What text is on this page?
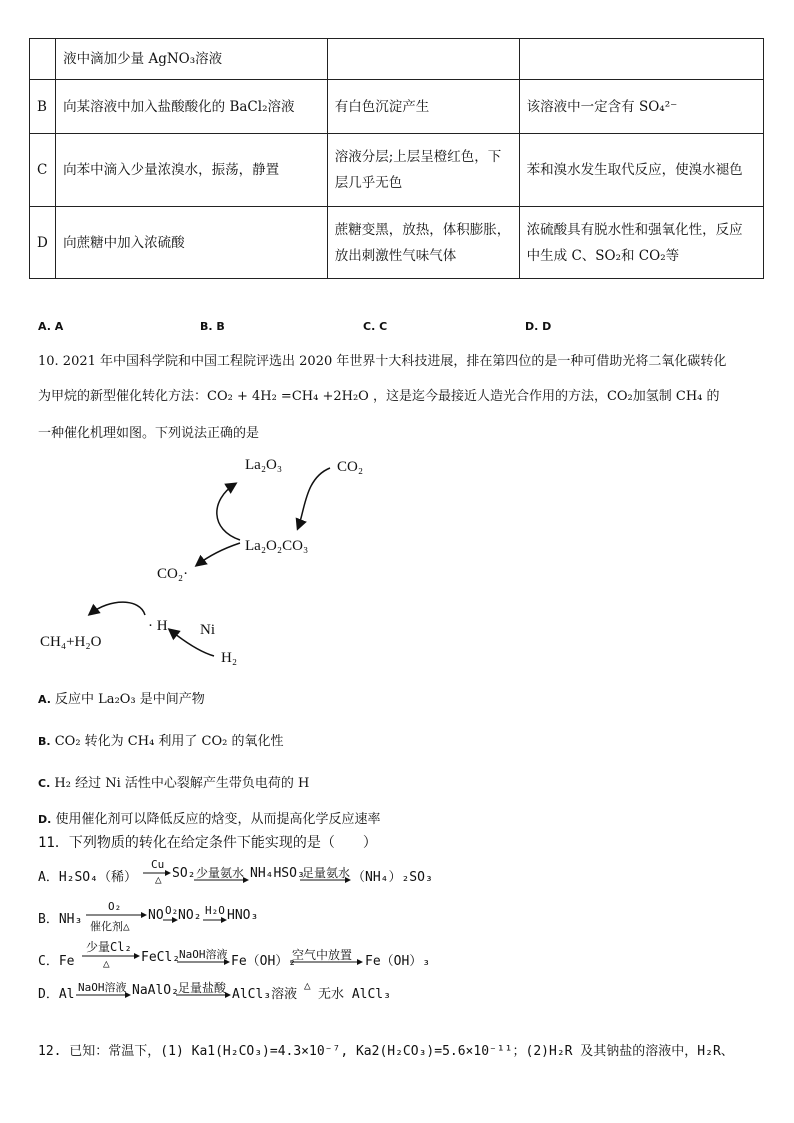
	液中滴加少量 AgNO₃溶液		
B	向某溶液中加入盐酸酸化的 BaCl₂溶液	有白色沉淀产生	该溶液中一定含有 SO₄²⁻
C	向苯中滴入少量浓溴水，振荡，静置	溶液分层;上层呈橙红色，下层几乎无色	苯和溴水发生取代反应，使溴水褪色
D	向蔗糖中加入浓硫酸	蔗糖变黑，放热，体积膨胀，放出刺激性气味气体	浓硫酸具有脱水性和强氧化性，反应中生成 C、SO₂和 CO₂等
A. A	B. B	C. C	D. D
10. 2021 年中国科学院和中国工程院评选出 2020 年世界十大科技进展，排在第四位的是一种可借助光将二氧化碳转化
为甲烷的新型催化转化方法：CO₂ + 4H₂ =CH₄ +2H₂O ，这是迄今最接近人造光合作用的方法，CO₂加氢制 CH₄ 的
一种催化机理如图。下列说法正确的是
La₂O₃	CO₂
La₂O₂CO₃
CO₂·
· H Ni
H₂
CH₄+H₂O
A. 反应中 La₂O₃ 是中间产物
B. CO₂ 转化为 CH₄ 利用了 CO₂ 的氧化性
C. H₂ 经过 Ni 活性中心裂解产生带负电荷的 H
D. 使用催化剂可以降低反应的焓变，从而提高化学反应速率
11．下列物质的转化在给定条件下能实现的是（　　）
A．H₂SO₄（稀）
Cu
△ SO₂ 少量氨水 NH₄HSO₃
足量氨水 （NH₄）₂SO₃
B．NH₃
O₂
催化剂△
NO O₂ NO₂ H₂O HNO₃
C．Fe
少量Cl₂
△ FeCl₂
NaOH溶液 Fe（OH）₂
空气中放置 Fe（OH）₃
D．Al NaOH溶液 NaAlO₂ 足量盐酸 AlCl₃溶液
△
无水 AlCl₃
12. 已知：常温下，(1) Ka1(H₂CO₃)=4.3×10⁻⁷, Ka2(H₂CO₃)=5.6×10⁻¹¹；(2)H₂R 及其钠盐的溶液中，H₂R、
